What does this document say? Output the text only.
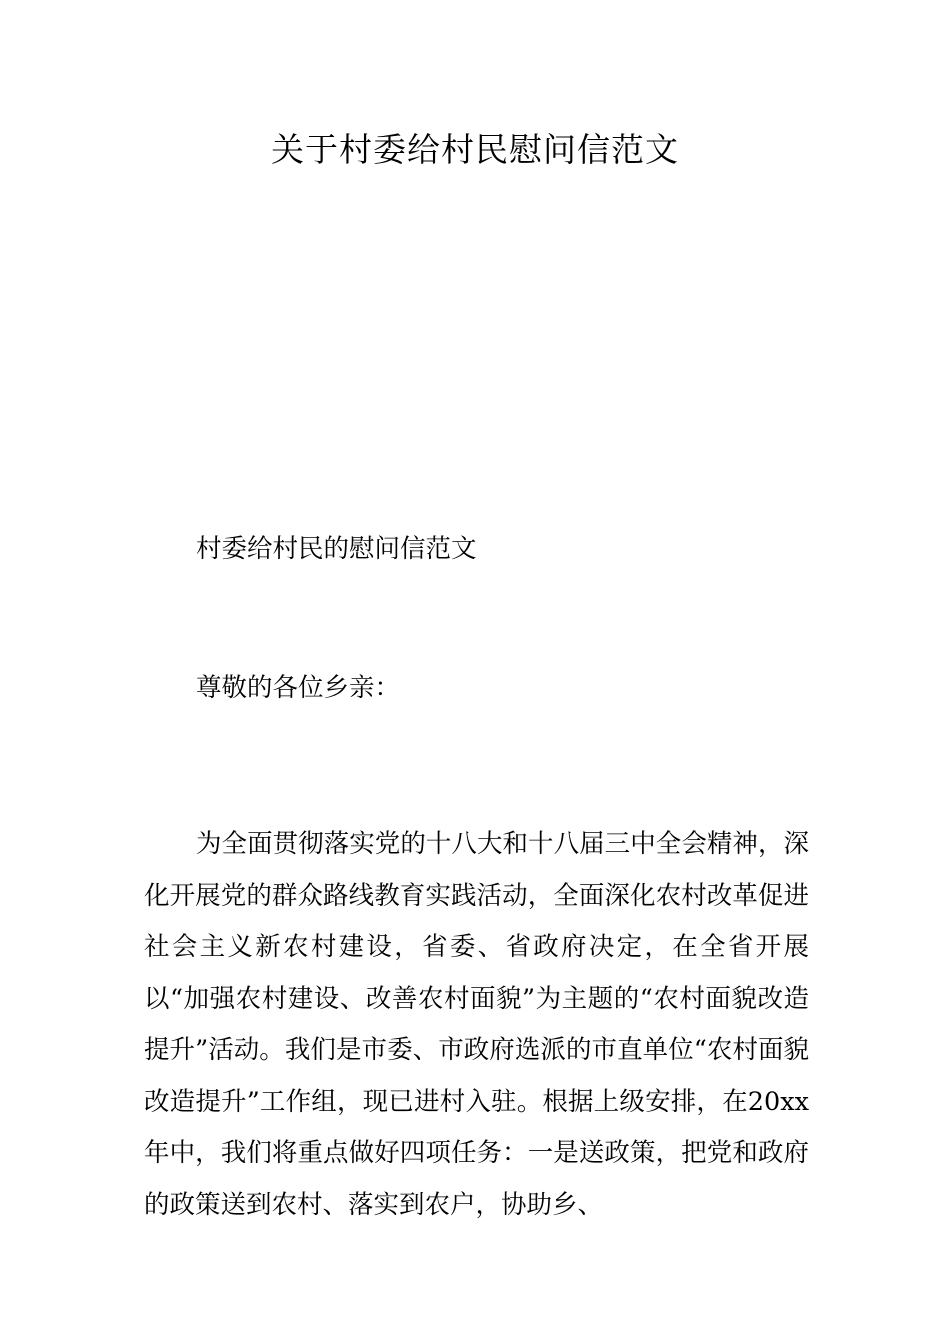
关于村委给村民慰问信范文

村委给村民的慰问信范文

尊敬的各位乡亲：

为全面贯彻落实党的十八大和十八届三中全会精神，深化开展党的群众路线教育实践活动，全面深化农村改革促进社会主义新农村建设，省委、省政府决定，在全省开展以“加强农村建设、改善农村面貌”为主题的“农村面貌改造提升”活动。我们是市委、市政府选派的市直单位“农村面貌改造提升”工作组，现已进村入驻。根据上级安排，在20xx年中，我们将重点做好四项任务：一是送政策，把党和政府的政策送到农村、落实到农户，协助乡、
